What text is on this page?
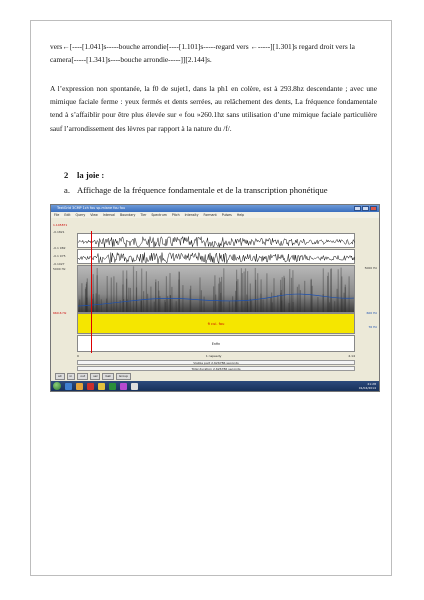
vers←[----[1.041]s-----bouche arrondie[----[1.101]s-----regard vers ←-----][1.301]s regard droit vers la camera[-----[1.341]s----bouche arrondie-----]][2.144]s.
A l’expression non spontanée, la f0 de sujet1, dans la ph1 en colère, est à 293.8hz descendante ; avec une mimique faciale ferme : yeux fermés et dents serrées, au relâchement des dents, La fréquence fondamentale tend à s’affaiblir pour être plus élevée sur « fou »260.1hz sans utilisation d’une mimique faciale particulière sauf l’arrondissement des lèvres par rapport à la nature du /f/.
2 la joie :
a. Affichage de la fréquence fondamentale et de la transcription phonétique
TextGrid 3CMP 1ch fou sp-miane fou fou
File Edit Query View Interval Boundary Tier Spectrum Pitch Intensity Formant Pulses Help
1.145871
-0.1821
-0.1 982
-0.1 975
-0.1027
5000 Hz
660.6 Hz
5000 Hz
600 Hz
76 Hz
fi cui. fou
Enfin
0	1 nspeedy	2.14
Visible part 2.626786 seconds
Total duration 2.626786 seconds
all	in	out	sel	bak	Group
21:28
01/04/2014
